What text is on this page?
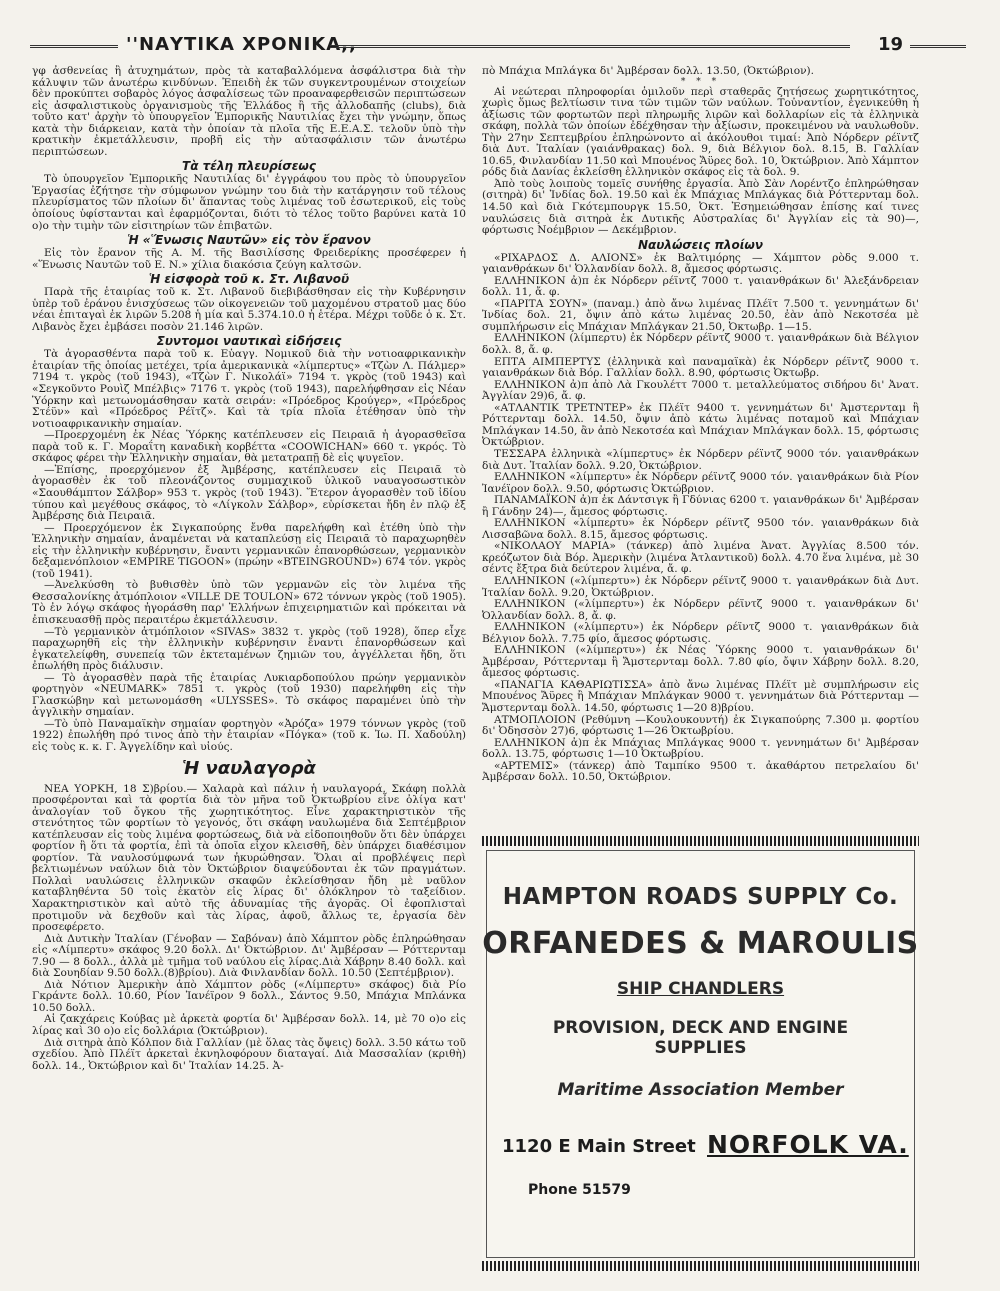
''ΝΑΥΤΙΚΑ ΧΡΟΝΙΚΑ,,	19
γφ ἀσθενείας ἢ ἀτυχημάτων, πρὸς τὰ καταβαλλόμενα ἀσφάλιστρα διὰ τὴν κάλυψιν τῶν ἀνωτέρω κινδύνων. Ἐπειδὴ ἐκ τῶν συγκεντρουμένων στοιχείων δὲν προκύπτει σοβαρὸς λόγος ἀσφαλίσεως τῶν προαναφερθεισῶν περιπτώσεων εἰς ἀσφαλιστικοὺς ὀργανισμοὺς τῆς Ἑλλάδος ἢ τῆς ἀλλοδαπῆς (clubs), διὰ τοῦτο κατ' ἀρχὴν τὸ ὑπουργεῖον Ἐμπορικῆς Ναυτιλίας ἔχει τὴν γνώμην, ὅπως κατὰ τὴν διάρκειαν, κατὰ τὴν ὁποίαν τὰ πλοῖα τῆς Ε.Ε.Α.Σ. τελοῦν ὑπὸ τὴν κρατικὴν ἐκμετάλλευσιν, προβῆ εἰς τὴν αὐτασφάλισιν τῶν ἀνωτέρω περιπτώσεων.
Τὰ τέλη πλευρίσεως
Τὸ ὑπουργεῖον Ἐμπορικῆς Ναυτιλίας δι' ἐγγράφου του πρὸς τὸ ὑπουργεῖον Ἐργασίας ἐζήτησε τὴν σύμφωνον γνώμην του διὰ τὴν κατάργησιν τοῦ τέλους πλευρίσματος τῶν πλοίων δι' ἅπαντας τοὺς λιμένας τοῦ ἐσωτερικοῦ, εἰς τοὺς ὁποίους ὑφίστανται καὶ ἐφαρμόζονται, διότι τὸ τέλος τοῦτο βαρύνει κατὰ 10 ο)ο τὴν τιμὴν τῶν εἰσιτηρίων τῶν ἐπιβατῶν.
Ἡ «Ἕνωσις Ναυτῶν» εἰς τὸν ἔρανον
Εἰς τὸν ἔρανον τῆς Α. Μ. τῆς Βασιλίσσης Φρειδερίκης προσέφερεν ἡ «Ἕνωσις Ναυτῶν τοῦ Ε. Ν.» χίλια διακόσια ζεύγη καλτσῶν.
Ἡ εἰσφορὰ τοῦ κ. Στ. Λιβανοῦ
Παρὰ τῆς ἑταιρίας τοῦ κ. Στ. Λιβανοῦ διεβιβάσθησαν εἰς τὴν Κυβέρνησιν ὑπὲρ τοῦ ἐράνου ἐνισχύσεως τῶν οἰκογενειῶν τοῦ μαχομένου στρατοῦ μας δύο νέαι ἐπιταγαὶ ἐκ λιρῶν 5.208 ἡ μία καὶ 5.374.10.0 ἡ ἑτέρα. Μέχρι τοῦδε ὁ κ. Στ. Λιβανὸς ἔχει ἐμβάσει ποσὸν 21.146 λιρῶν.
Συντομοι ναυτικαὶ εἰδήσεις
Τὰ ἀγορασθέντα παρὰ τοῦ κ. Εὐαγγ. Νομικοῦ διὰ τὴν νοτιοαφρικανικὴν ἑταιρίαν τῆς ὁποίας μετέχει, τρία ἀμερικανικὰ «λίμπερτυς» «Τζὼν Λ. Πάλμερ» 7194 τ. γκρὸς (τοῦ 1943), «Τζὼν Γ. Νικολάϊ» 7194 τ. γκρὸς (τοῦ 1943) καὶ «Σεγκοῦντο Ρουὶζ Μπέλβις» 7176 τ. γκρὸς (τοῦ 1943), παρελήφθησαν εἰς Νέαν Ὑόρκην καὶ μετωνομάσθησαν κατὰ σειράν: «Πρόεδρος Κρούγερ», «Πρόεδρος Στέϋν» καὶ «Πρόεδρος Ρέϊτζ». Καὶ τὰ τρία πλοῖα ἐτέθησαν ὑπὸ τὴν νοτιοαφρικανικὴν σημαίαν.
—Προερχομένη ἐκ Νέας Ὑόρκης κατέπλευσεν εἰς Πειραιᾶ ἡ ἀγορασθεῖσα παρὰ τοῦ κ. Γ. Μοραΐτη καναδικὴ κορβέττα «COOWICHAN» 660 τ. γκρός. Τὸ σκάφος φέρει τὴν Ἑλληνικὴν σημαίαν, θὰ μετατραπῇ δὲ εἰς ψυγεῖον.
—Ἐπίσης, προερχόμενον ἐξ Ἀμβέρσης, κατέπλευσεν εἰς Πειραιᾶ τὸ ἀγορασθὲν ἐκ τοῦ πλεονάζοντος συμμαχικοῦ ὑλικοῦ ναυαγοσωστικὸν «Σαουθάμπτον Σάλβορ» 953 τ. γκρὸς (τοῦ 1943). Ἕτερον ἀγορασθὲν τοῦ ἰδίου τύπου καὶ μεγέθους σκάφος, τὸ «Λίγκολν Σάλβορ», εὑρίσκεται ἤδη ἐν πλῷ ἐξ Ἀμβέρσης διὰ Πειραιᾶ.
— Προερχόμενον ἐκ Σιγκαπούρης ἔνθα παρελήφθη καὶ ἐτέθη ὑπὸ τὴν Ἑλληνικὴν σημαίαν, ἀναμένεται νὰ καταπλεύσῃ εἰς Πειραιᾶ τὸ παραχωρηθὲν εἰς τὴν ἑλληνικὴν κυβέρνησιν, ἔναντι γερμανικῶν ἐπανορθώσεων, γερμανικὸν δεξαμενόπλοιον «EMPIRE TIGOON» (πρώην «BTEINGROUND») 674 τόν. γκρὸς (τοῦ 1941).
—Ἀνελκύσθη τὸ βυθισθὲν ὑπὸ τῶν γερμανῶν εἰς τὸν λιμένα τῆς Θεσσαλονίκης ἀτμόπλοιον «VILLE DE TOULON» 672 τόννων γκρὸς (τοῦ 1905). Τὸ ἐν λόγῳ σκάφος ἠγοράσθη παρ' Ἑλλήνων ἐπιχειρηματιῶν καὶ πρόκειται νὰ ἐπισκευασθῇ πρὸς περαιτέρω ἐκμετάλλευσιν.
—Τὸ γερμανικὸν ἀτμόπλοιον «SIVAS» 3832 τ. γκρὸς (τοῦ 1928), ὅπερ εἶχε παραχωρηθῆ εἰς τὴν ἑλληνικὴν κυβέρνησιν ἔναντι ἐπανορθώσεων καὶ ἐγκατελείφθη, συνεπείᾳ τῶν ἐκτεταμένων ζημιῶν του, ἀγγέλλεται ἤδη, ὅτι ἐπωλήθη πρὸς διάλυσιν.
— Τὸ ἀγορασθὲν παρὰ τῆς ἑταιρίας Λυκιαρδοπούλου πρώην γερμανικὸν φορτηγὸν «NEUMARK» 7851 τ. γκρὸς (τοῦ 1930) παρελήφθη εἰς τὴν Γλασκώβην καὶ μετωνομάσθη «ULYSSES». Τὸ σκάφος παραμένει ὑπὸ τὴν ἀγγλικὴν σημαίαν.
—Τὸ ὑπὸ Παναμαϊκὴν σημαίαν φορτηγὸν «Ἀρόζα» 1979 τόννων γκρὸς (τοῦ 1922) ἐπωλήθη πρό τινος ἀπὸ τὴν ἑταιρίαν «Πόγκα» (τοῦ κ. Ἰω. Π. Χαδούλη) εἰς τοὺς κ. κ. Γ. Ἀγγελίδην καὶ υἱούς.
Ἡ ναυλαγορὰ
ΝΕΑ ΥΟΡΚΗ, 18 Σ)βρίου.— Χαλαρὰ καὶ πάλιν ἡ ναυλαγορά. Σκάφη πολλὰ προσφέρονται καὶ τὰ φορτία διὰ τὸν μῆνα τοῦ Ὀκτωβρίου εἶνε ὀλίγα κατ' ἀναλογίαν τοῦ ὄγκου τῆς χωρητικότητος. Εἶνε χαρακτηριστικὸν τῆς στενότητος τῶν φορτίων τὸ γεγονός, ὅτι σκάφη ναυλωμένα διὰ Σεπτέμβριον κατέπλευσαν εἰς τοὺς λιμένα φορτώσεως, διὰ νὰ εἰδοποιηθοῦν ὅτι δὲν ὑπάρχει φορτίον ἢ ὅτι τὰ φορτία, ἐπὶ τὰ ὁποῖα εἶχον κλεισθῆ, δὲν ὑπάρχει διαθέσιμον φορτίον. Τὰ ναυλοσύμφωνά των ἠκυρώθησαν. Ὅλαι αἱ προβλέψεις περὶ βελτιωμένων ναύλων διὰ τὸν Ὀκτώβριον διαψεύδονται ἐκ τῶν πραγμάτων. Πολλαὶ ναυλώσεις ἑλληνικῶν σκαφῶν ἐκλείσθησαν ἤδη μὲ ναῦλον καταβληθέντα 50 τοὶς ἑκατὸν εἰς λίρας δι' ὁλόκληρον τὸ ταξείδιον. Χαρακτηριστικὸν καὶ αὐτὸ τῆς ἀδυναμίας τῆς ἀγορᾶς. Οἱ ἐφοπλισταὶ προτιμοῦν νὰ δεχθοῦν καὶ τὰς λίρας, ἀφοῦ, ἄλλως τε, ἐργασία δὲν προσεφέρετο.
Διὰ Δυτικὴν Ἰταλίαν (Γένοβαν — Σαβόναν) ἀπὸ Χάμπτον ρὸδς ἐπληρώθησαν εἰς «Λίμπερτυ» σκάφος 9.20 δολλ. Δι' Ὀκτώβριον. Δι' Ἀμβέρσαν — Ρόττερνταμ 7.90 — 8 δολλ., ἀλλὰ μὲ τμῆμα τοῦ ναύλου εἰς λίρας.Διὰ Χάβρην 8.40 δολλ. καὶ διὰ Σουηδίαν 9.50 δολλ.(8)βρίου). Διὰ Φινλανδίαν δολλ. 10.50 (Σεπτέμβριον).
Διὰ Νότιον Ἀμερικὴν ἀπὸ Χάμπτον ρὸδς («Λίμπερτυ» σκάφος) διὰ Ρίο Γκράντε δολλ. 10.60, Ρίον Ἰανέϊρον 9 δολλ., Σάντος 9.50, Μπάχια Μπλάνκα 10.50 δολλ.
Αἱ ζακχάρεις Κούβας μὲ ἀρκετὰ φορτία δι' Ἀμβέρσαν δολλ. 14, μὲ 70 ο)ο εἰς λίρας καὶ 30 ο)ο εἰς δολλάρια (Ὀκτώβριον).
Διὰ σιτηρὰ ἀπὸ Κόλπον διὰ Γαλλίαν (μὲ ὅλας τὰς ὄψεις) δολλ. 3.50 κάτω τοῦ σχεδίου. Ἀπὸ Πλέϊτ ἀρκεταὶ ἐκνηλοφόρουν διαταγαί. Διὰ Μασσαλίαν (κριθὴ) δολλ. 14., Ὀκτώβριον καὶ δι' Ἰταλίαν 14.25. Ἀ-
πὸ Μπάχια Μπλάγκα δι' Ἀμβέρσαν δολλ. 13.50, (Ὀκτώβριον).
* * *
Αἱ νεώτεραι πληροφορίαι ὁμιλοῦν περὶ σταθερᾶς ζητήσεως χωρητικότητος, χωρὶς ὅμως βελτίωσιν τινα τῶν τιμῶν τῶν ναύλων. Τοὐναντίον, ἐγενικεύθη ἡ ἀξίωσις τῶν φορτωτῶν περὶ πληρωμῆς λιρῶν καὶ δολλαρίων εἰς τὰ ἑλληνικὰ σκάφη, πολλὰ τῶν ὁποίων ἐδέχθησαν τὴν ἀξίωσιν, προκειμένου νὰ ναυλωθοῦν. Τὴν 27ην Σεπτεμβρίου ἐπληρώνοντο αἱ ἀκόλουθοι τιμαί: Ἀπὸ Νόρδερν ρέϊντζ διὰ Δυτ. Ἰταλίαν (γαιάνθρακας) δολ. 9, διὰ Βέλγιον δολ. 8.15, Β. Γαλλίαν 10.65, Φινλανδίαν 11.50 καὶ Μπουένος Ἄϋρες δολ. 10, Ὀκτώβριον. Ἀπὸ Χάμπτον ρόδς διὰ Δανίας ἐκλείσθη ἑλληνικὸν σκάφος εἰς τὰ δολ. 9.
Ἀπὸ τοὺς λοιποὺς τομεῖς συνήθης ἐργασία. Ἀπὸ Σὰν Λορέντζο ἐπληρώθησαν (σιτηρὰ) δι' Ἰνδίας δολ. 19.50 καὶ ἐκ Μπάχιας Μπλάγκας διὰ Ρόττερνταμ δολ. 14.50 καὶ διὰ Γκότεμπουργκ 15.50, Ὀκτ. Ἐσημειώθησαν ἐπίσης καί τινες ναυλώσεις διὰ σιτηρὰ ἐκ Δυτικῆς Αὐστραλίας δι' Ἀγγλίαν εἰς τὰ 90)—, φόρτωσις Νοέμβριον — Δεκέμβριον.
Ναυλώσεις πλοίων
«ΡΙΧΑΡΔΟΣ Δ. ΑΛΙΟΝΣ» ἐκ Βαλτιμόρης — Χάμπτον ρὸδς 9.000 τ. γαιανθράκων δι' Ὀλλανδίαν δολλ. 8, ἄμεσος φόρτωσις.
ΕΛΛΗΝΙΚΟΝ ἀ)π ἐκ Νόρδερν ρέϊντζ 7000 τ. γαιανθράκων δι' Ἀλεξάνδρειαν δολλ. 11, ἄ. φ.
«ΠΑΡΙΤΑ ΣΟΥΝ» (παναμ.) ἀπὸ ἄνω λιμένας Πλέϊτ 7.500 τ. γεννημάτων δι' Ἰνδίας δολ. 21, ὄψιν ἀπὸ κάτω λιμένας 20.50, ἐὰν ἀπὸ Νεκοτσέα μὲ συμπλήρωσιν εἰς Μπάχιαν Μπλάγκαν 21.50, Ὀκτωβρ. 1—15.
ΕΛΛΗΝΙΚΟΝ (λίμπερτυ) ἐκ Νόρδερν ρέϊντζ 9000 τ. γαιανθράκων διὰ Βέλγιον δολλ. 8, ἄ. φ.
ΕΠΤΑ ΑΙΜΠΕΡΤΥΣ (ἑλληνικὰ καὶ παναμαϊκὰ) ἐκ Νόρδερν ρέϊντζ 9000 τ. γαιανθράκων διὰ Βόρ. Γαλλίαν δολλ. 8.90, φόρτωσις Ὀκτωβρ.
ΕΛΛΗΝΙΚΟΝ ἀ)π ἀπὸ Λὰ Γκουλέττ 7000 τ. μεταλλεύματος σιδήρου δι' Ἀνατ. Ἀγγλίαν 29)6, ἄ. φ.
«ΑΤΛΑΝΤΙΚ ΤΡΕΤΝΤΕΡ» ἐκ Πλέϊτ 9400 τ. γεννημάτων δι' Ἀμστερνταμ ἢ Ρόττερνταμ δολλ. 14.50, ὄψιν ἀπὸ κάτω λιμένας ποταμοῦ καὶ Μπάχιαν Μπλάγκαν 14.50, ἂν ἀπὸ Νεκοτσέα καὶ Μπάχιαν Μπλάγκαν δολλ. 15, φόρτωσις Ὀκτώβριον.
ΤΕΣΣΑΡΑ ἑλληνικὰ «λίμπερτυς» ἐκ Νόρδερν ρέϊντζ 9000 τόν. γαιανθράκων διὰ Δυτ. Ἰταλίαν δολλ. 9.20, Ὀκτώβριον.
ΕΛΛΗΝΙΚΟΝ «λίμπερτυ» ἐκ Νόρδερν ρέϊντζ 9000 τόν. γαιανθράκων διὰ Ρίον Ἰανέϊρον δολλ. 9.50, φόρτωσις Ὀκτώβριον.
ΠΑΝΑΜΑΪΚΟΝ ἀ)π ἐκ Δάντσιγκ ἢ Γδύνιας 6200 τ. γαιανθράκων δι' Ἀμβέρσαν ἢ Γάνδην 24)—, ἄμεσος φόρτωσις.
ΕΛΛΗΝΙΚΟΝ «λίμπερτυ» ἐκ Νόρδερν ρέϊντζ 9500 τόν. γαιανθράκων διὰ Λισσαβῶνα δολλ. 8.15, ἄμεσος φόρτωσις.
«ΝΙΚΟΛΑΟΥ ΜΑΡΙΑ» (τάνκερ) ἀπὸ λιμένα Ἀνατ. Ἀγγλίας 8.500 τόν. κρεόζωτον διὰ Βόρ. Ἀμερικὴν (λιμένα Ἀτλαντικοῦ) δολλ. 4.70 ἕνα λιμένα, μὲ 30 σέντς ἔξτρα διὰ δεύτερον λιμένα, ἄ. φ.
ΕΛΛΗΝΙΚΟΝ («λίμπερτυ») ἐκ Νόρδερν ρέϊντζ 9000 τ. γαιανθράκων διὰ Δυτ. Ἰταλίαν δολλ. 9.20, Ὀκτώβριον.
ΕΛΛΗΝΙΚΟΝ («λίμπερτυ») ἐκ Νόρδερν ρέϊντζ 9000 τ. γαιανθράκων δι' Ὀλλανδίαν δολλ. 8, ἄ. φ.
ΕΛΛΗΝΙΚΟΝ («λίμπερτυ») ἐκ Νόρδερν ρέϊντζ 9000 τ. γαιανθράκων διὰ Βέλγιον δολλ. 7.75 φίο, ἄμεσος φόρτωσις.
ΕΛΛΗΝΙΚΟΝ («λίμπερτυ») ἐκ Νέας Ὑόρκης 9000 τ. γαιανθράκων δι' Ἀμβέρσαν, Ρόττερνταμ ἢ Ἄμστερνταμ δολλ. 7.80 φίο, ὄψιν Χάβρην δολλ. 8.20, ἄμεσος φόρτωσις.
«ΠΑΝΑΓΙΑ ΚΑΘΑΡΙΩΤΙΣΣΑ» ἀπὸ ἄνω λιμένας Πλέϊτ μὲ συμπλήρωσιν εἰς Μπουένος Ἄϋρες ἢ Μπάχιαν Μπλάγκαν 9000 τ. γεννημάτων διὰ Ρόττερνταμ — Ἄμστερνταμ δολλ. 14.50, φόρτωσις 1—20 8)βρίου.
ΑΤΜΟΠΛΟΙΟΝ (Ρεθύμνη —Κουλουκουντή) ἐκ Σιγκαπούρης 7.300 μ. φορτίου δι' Ὀδησσὸν 27)6, φόρτωσις 1—26 Ὀκτωβρίου.
ΕΛΛΗΝΙΚΟΝ ἀ)π ἐκ Μπάχιας Μπλάγκας 9000 τ. γεννημάτων δι' Ἀμβέρσαν δολλ. 13.75, φόρτωσις 1—10 Ὀκτωβρίου.
«ΑΡΤΕΜΙΣ» (τάνκερ) ἀπὸ Ταμπίκο 9500 τ. ἀκαθάρτου πετρελαίου δι' Ἀμβέρσαν δολλ. 10.50, Ὀκτώβριον.
HAMPTON ROADS SUPPLY Co.
ORFANEDES & MAROULIS
SHIP CHANDLERS
PROVISION, DECK AND ENGINE
SUPPLIES
Maritime Association Member
1120 E Main Street NORFOLK VA.
Phone 51579
